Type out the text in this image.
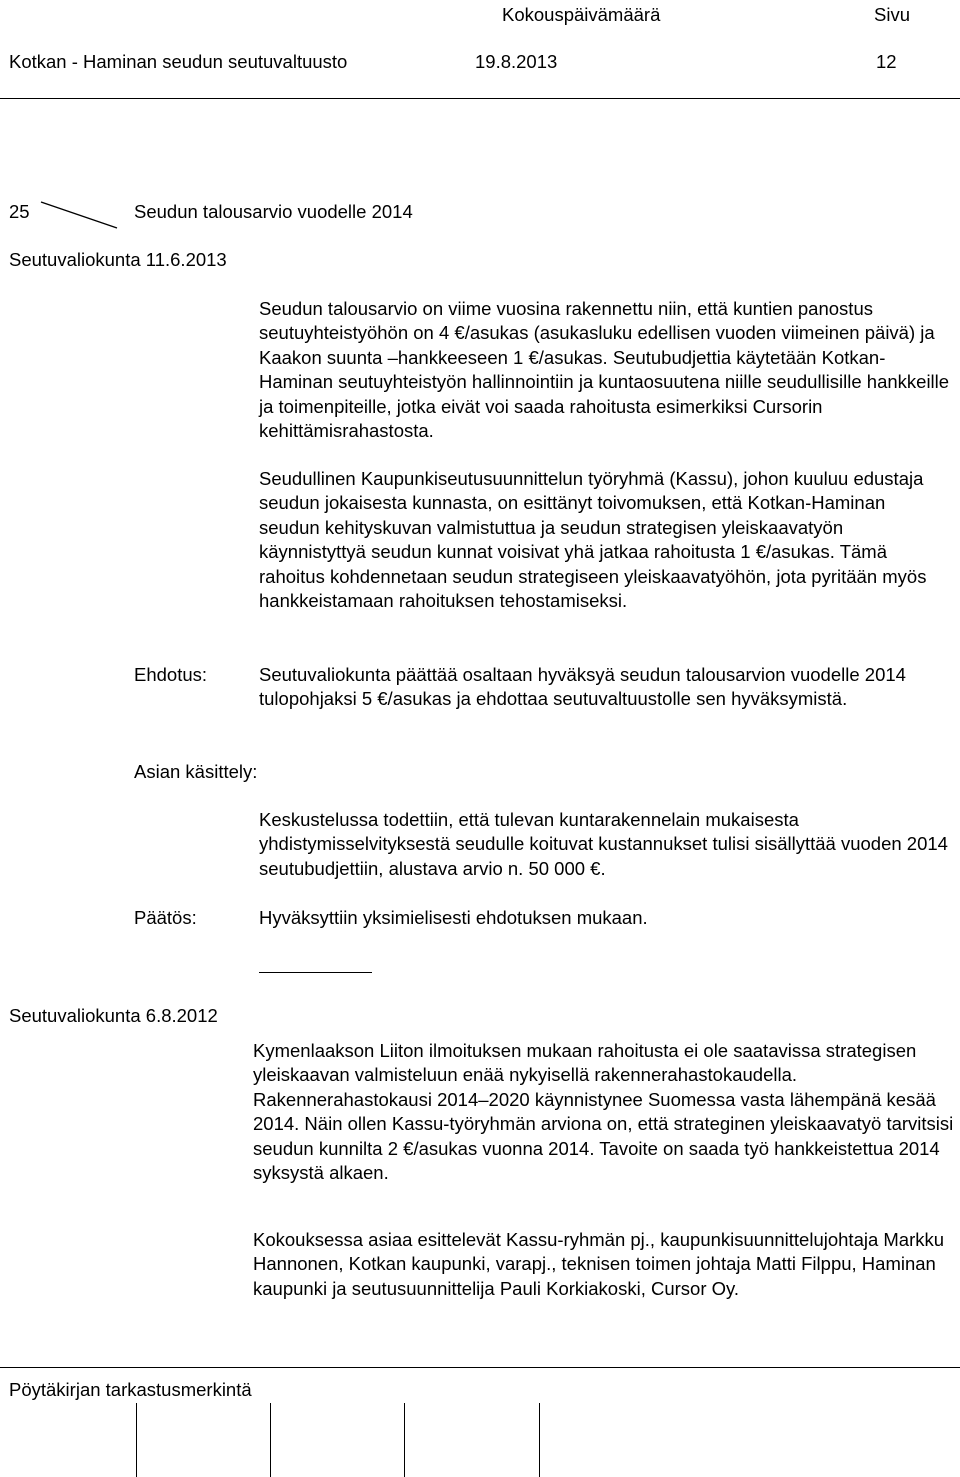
Kokouspäivämäärä	Sivu
Kotkan - Haminan seudun seutuvaltuusto	19.8.2013	12
25	Seudun talousarvio vuodelle 2014
Seutuvaliokunta 11.6.2013

Seudun talousarvio on viime vuosina rakennettu niin, että kuntien panostus seutuyhteistyöhön on 4 €/asukas (asukasluku edellisen vuoden viimeinen päivä) ja Kaakon suunta –hankkeeseen 1 €/asukas. Seutubudjettia käytetään Kotkan-Haminan seutuyhteistyön hallinnointiin ja kuntaosuutena niille seudullisille hankkeille ja toimenpiteille, jotka eivät voi saada rahoitusta esimerkiksi Cursorin kehittämisrahastosta.

Seudullinen Kaupunkiseutusuunnittelun työryhmä (Kassu), johon kuuluu edustaja seudun jokaisesta kunnasta, on esittänyt toivomuksen, että Kotkan-Haminan seudun kehityskuvan valmistuttua ja seudun strategisen yleiskaavatyön käynnistyttyä seudun kunnat voisivat yhä jatkaa rahoitusta 1 €/asukas. Tämä rahoitus kohdennetaan seudun strategiseen yleiskaavatyöhön, jota pyritään myös hankkeistamaan rahoituksen tehostamiseksi.

Ehdotus:	Seutuvaliokunta päättää osaltaan hyväksyä seudun talousarvion vuodelle 2014 tulopohjaksi 5 €/asukas ja ehdottaa seutuvaltuustolle sen hyväksymistä.

Asian käsittely:

Keskustelussa todettiin, että tulevan kuntarakennelain mukaisesta yhdistymisselvityksestä seudulle koituvat kustannukset tulisi sisällyttää vuoden 2014 seutubudjettiin, alustava arvio n. 50 000 €.

Päätös:	Hyväksyttiin yksimielisesti ehdotuksen mukaan.
Seutuvaliokunta 6.8.2012

Kymenlaakson Liiton ilmoituksen mukaan rahoitusta ei ole saatavissa strategisen yleiskaavan valmisteluun enää nykyisellä rakennerahastokaudella. Rakennerahastokausi 2014–2020 käynnistynee Suomessa vasta lähempänä kesää 2014. Näin ollen Kassu-työryhmän arviona on, että strateginen yleiskaavatyö tarvitsisi seudun kunnilta 2 €/asukas vuonna 2014. Tavoite on saada työ hankkeistettua 2014 syksystä alkaen.

Kokouksessa asiaa esittelevät Kassu-ryhmän pj., kaupunkisuunnittelujohtaja Markku Hannonen, Kotkan kaupunki, varapj., teknisen toimen johtaja Matti Filppu, Haminan kaupunki ja seutusuunnittelija Pauli Korkiakoski, Cursor Oy.

Pöytäkirjan tarkastusmerkintä
